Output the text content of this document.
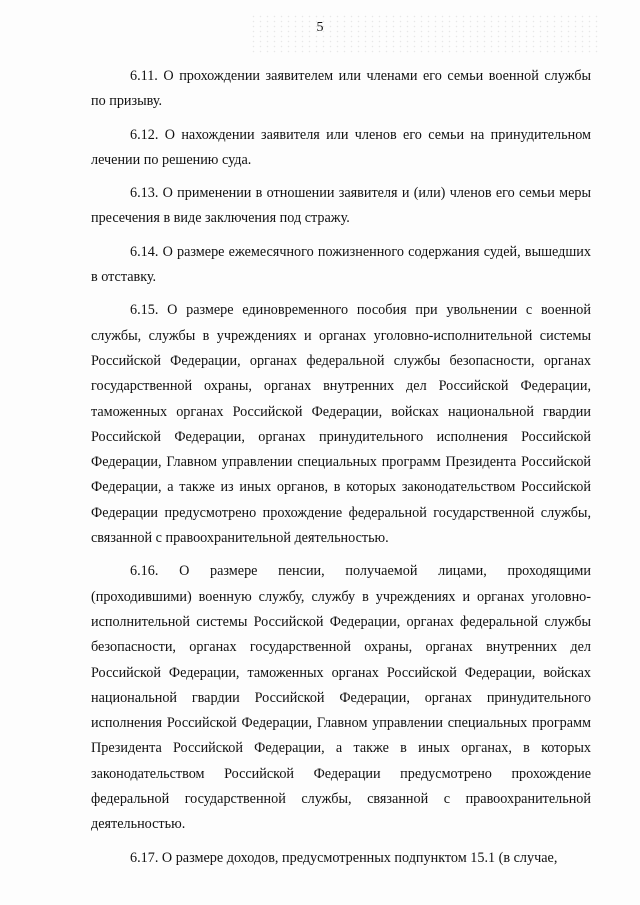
5

6.11. О прохождении заявителем или членами его семьи военной службы по призыву.

6.12. О нахождении заявителя или членов его семьи на принудительном лечении по решению суда.

6.13. О применении в отношении заявителя и (или) членов его семьи меры пресечения в виде заключения под стражу.

6.14. О размере ежемесячного пожизненного содержания судей, вышедших в отставку.

6.15. О размере единовременного пособия при увольнении с военной службы, службы в учреждениях и органах уголовно-исполнительной системы Российской Федерации, органах федеральной службы безопасности, органах государственной охраны, органах внутренних дел Российской Федерации, таможенных органах Российской Федерации, войсках национальной гвардии Российской Федерации, органах принудительного исполнения Российской Федерации, Главном управлении специальных программ Президента Российской Федерации, а также из иных органов, в которых законодательством Российской Федерации предусмотрено прохождение федеральной государственной службы, связанной с правоохранительной деятельностью.

6.16. О размере пенсии, получаемой лицами, проходящими (проходившими) военную службу, службу в учреждениях и органах уголовно-исполнительной системы Российской Федерации, органах федеральной службы безопасности, органах государственной охраны, органах внутренних дел Российской Федерации, таможенных органах Российской Федерации, войсках национальной гвардии Российской Федерации, органах принудительного исполнения Российской Федерации, Главном управлении специальных программ Президента Российской Федерации, а также в иных органах, в которых законодательством Российской Федерации предусмотрено прохождение федеральной государственной службы, связанной с правоохранительной деятельностью.

6.17. О размере доходов, предусмотренных подпунктом 15.1 (в случае,
